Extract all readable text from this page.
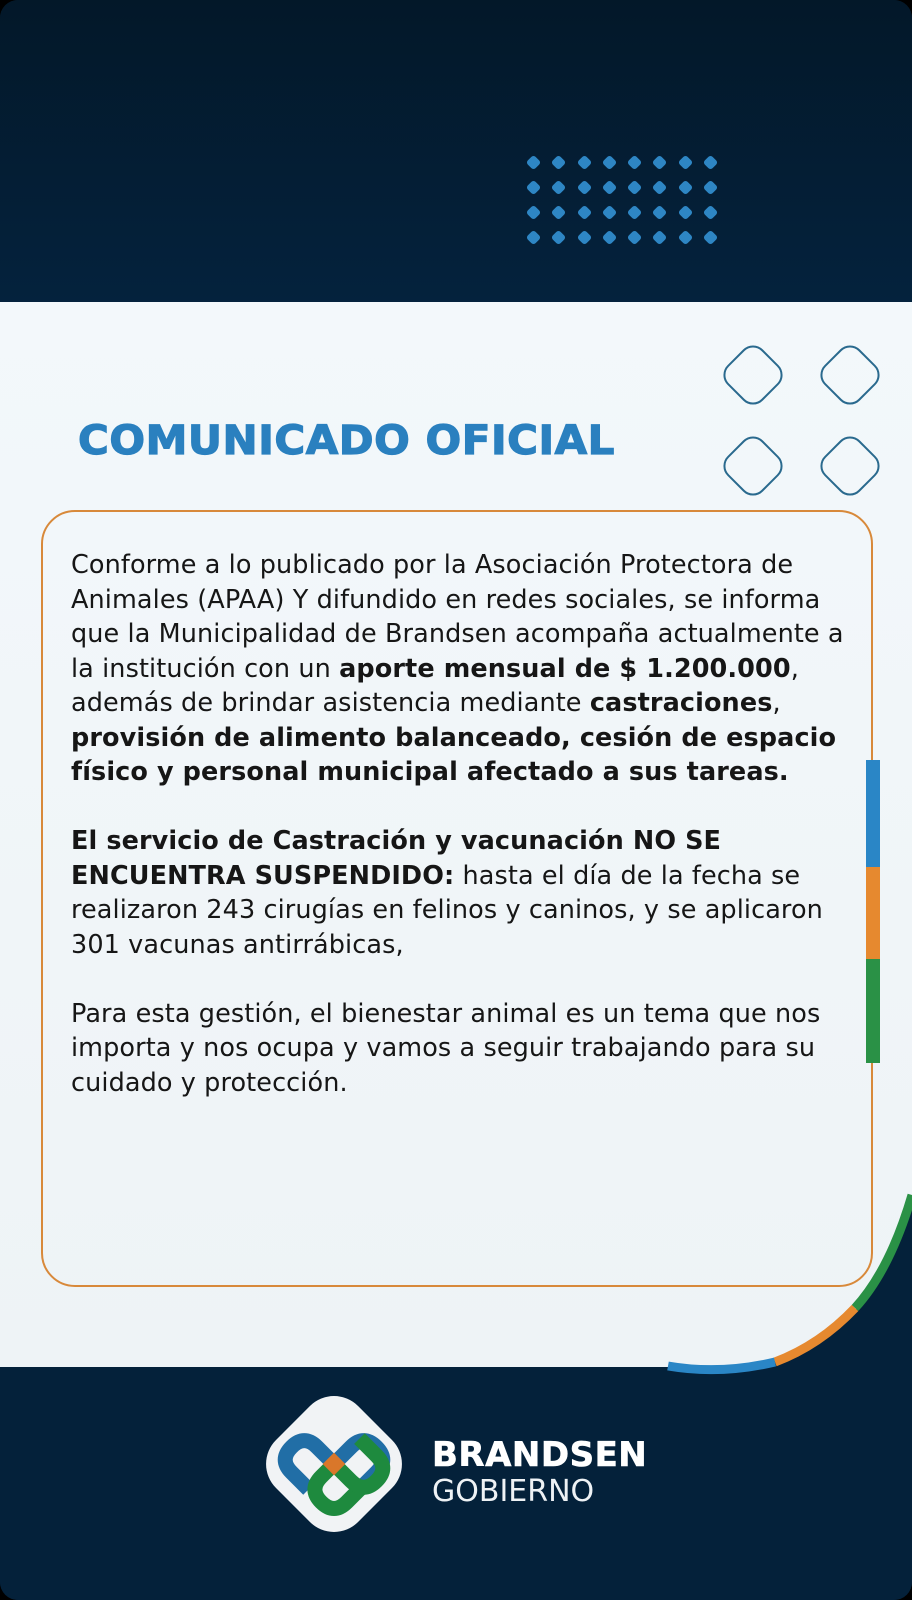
COMUNICADO OFICIAL

Conforme a lo publicado por la Asociación Protectora de Animales (APAA) Y difundido en redes sociales, se informa que la Municipalidad de Brandsen acompaña actualmente a la institución con un aporte mensual de $ 1.200.000, además de brindar asistencia mediante castraciones, provisión de alimento balanceado, cesión de espacio físico y personal municipal afectado a sus tareas.

El servicio de Castración y vacunación NO SE ENCUENTRA SUSPENDIDO: hasta el día de la fecha se realizaron 243 cirugías en felinos y caninos, y se aplicaron 301 vacunas antirrábicas,

Para esta gestión, el bienestar animal es un tema que nos importa y nos ocupa y vamos a seguir trabajando para su cuidado y protección.

BRANDSEN
GOBIERNO
